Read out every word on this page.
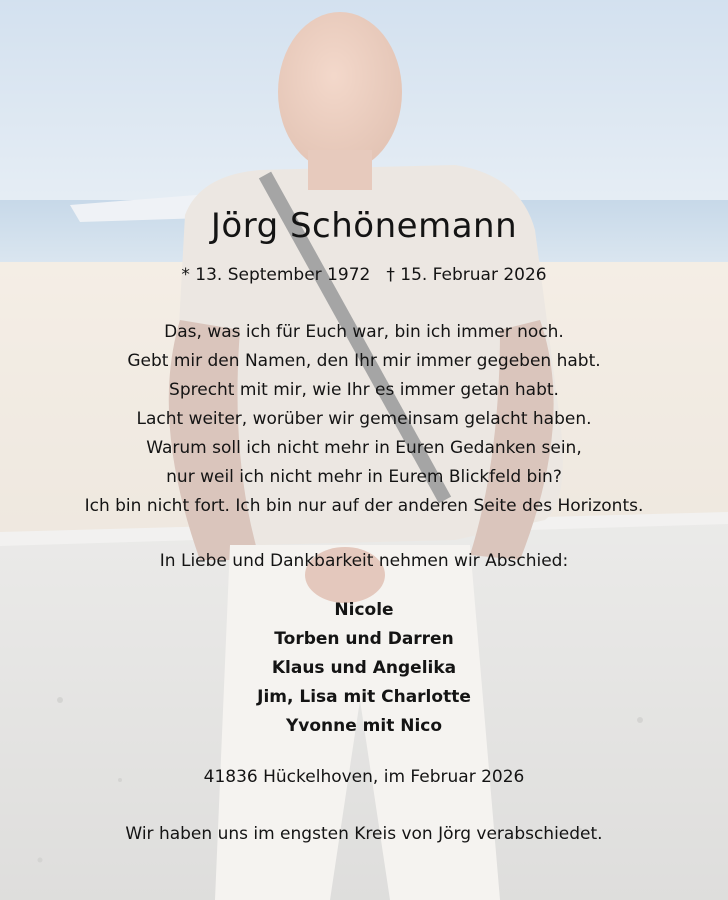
Jörg Schönemann
* 13. September 1972 † 15. Februar 2026
Das, was ich für Euch war, bin ich immer noch.
Gebt mir den Namen, den Ihr mir immer gegeben habt.
Sprecht mit mir, wie Ihr es immer getan habt.
Lacht weiter, worüber wir gemeinsam gelacht haben.
Warum soll ich nicht mehr in Euren Gedanken sein,
nur weil ich nicht mehr in Eurem Blickfeld bin?
Ich bin nicht fort. Ich bin nur auf der anderen Seite des Horizonts.
In Liebe und Dankbarkeit nehmen wir Abschied:
Nicole
Torben und Darren
Klaus und Angelika
Jim, Lisa mit Charlotte
Yvonne mit Nico
41836 Hückelhoven, im Februar 2026
Wir haben uns im engsten Kreis von Jörg verabschiedet.
